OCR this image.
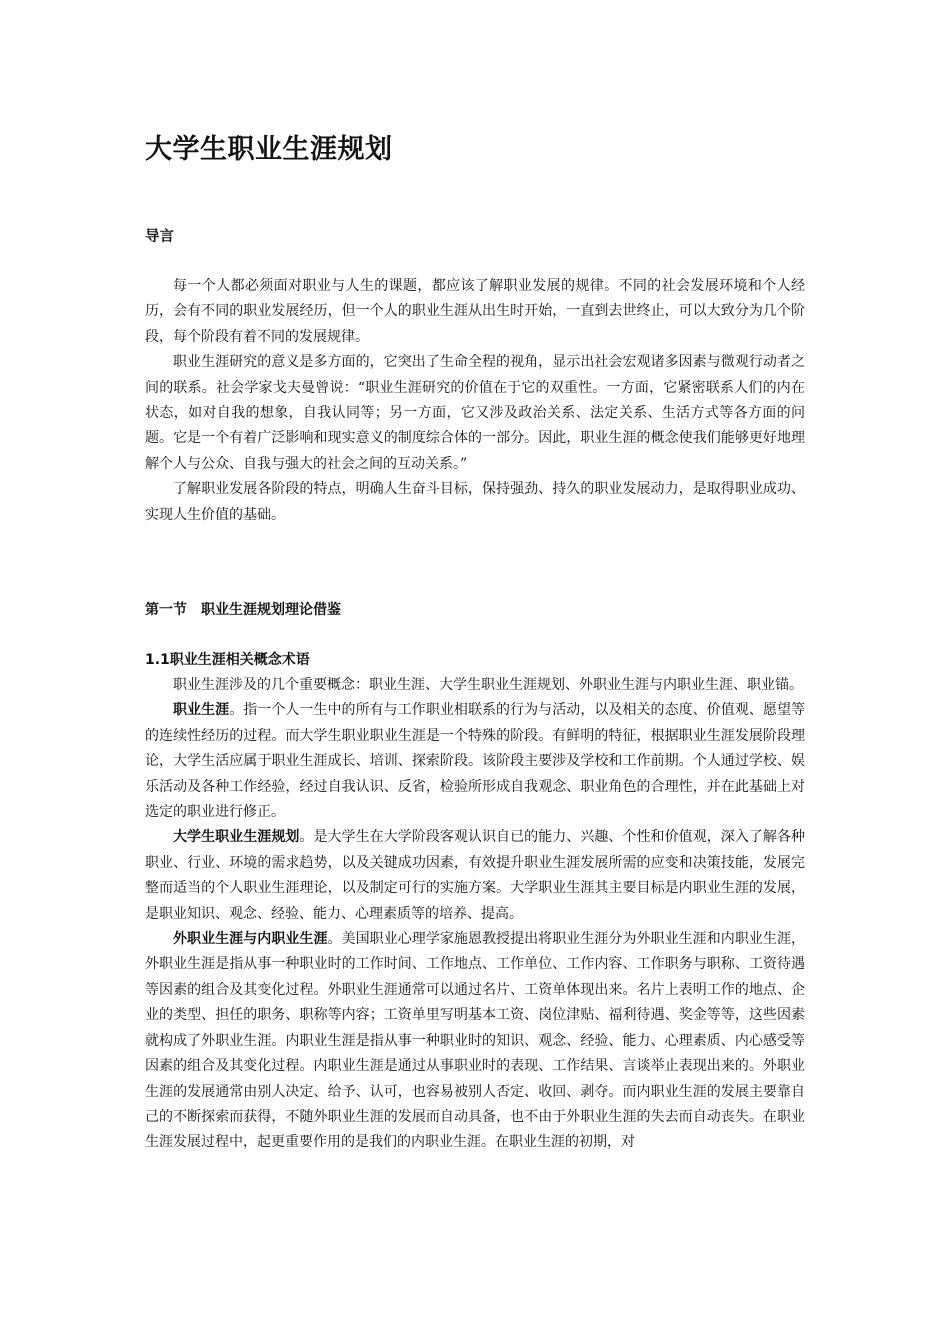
大学生职业生涯规划
导言

每一个人都必须面对职业与人生的课题，都应该了解职业发展的规律。不同的社会发展环境和个人经历，会有不同的职业发展经历，但一个人的职业生涯从出生时开始，一直到去世终止，可以大致分为几个阶段，每个阶段有着不同的发展规律。

职业生涯研究的意义是多方面的，它突出了生命全程的视角，显示出社会宏观诸多因素与微观行动者之间的联系。社会学家戈夫曼曾说：“职业生涯研究的价值在于它的双重性。一方面，它紧密联系人们的内在状态，如对自我的想象，自我认同等；另一方面，它又涉及政治关系、法定关系、生活方式等各方面的问题。它是一个有着广泛影响和现实意义的制度综合体的一部分。因此，职业生涯的概念使我们能够更好地理解个人与公众、自我与强大的社会之间的互动关系。”

了解职业发展各阶段的特点，明确人生奋斗目标，保持强劲、持久的职业发展动力，是取得职业成功、实现人生价值的基础。

第一节　职业生涯规划理论借鉴
1.1职业生涯相关概念术语

职业生涯涉及的几个重要概念：职业生涯、大学生职业生涯规划、外职业生涯与内职业生涯、职业锚。

职业生涯。指一个人一生中的所有与工作职业相联系的行为与活动，以及相关的态度、价值观、愿望等的连续性经历的过程。而大学生职业职业生涯是一个特殊的阶段。有鲜明的特征，根据职业生涯发展阶段理论，大学生活应属于职业生涯成长、培训、探索阶段。该阶段主要涉及学校和工作前期。个人通过学校、娱乐活动及各种工作经验，经过自我认识、反省，检验所形成自我观念、职业角色的合理性，并在此基础上对选定的职业进行修正。

大学生职业生涯规划。是大学生在大学阶段客观认识自已的能力、兴趣、个性和价值观，深入了解各种职业、行业、环境的需求趋势，以及关键成功因素，有效提升职业生涯发展所需的应变和决策技能，发展完整而适当的个人职业生涯理论，以及制定可行的实施方案。大学职业生涯其主要目标是内职业生涯的发展，是职业知识、观念、经验、能力、心理素质等的培养、提高。

外职业生涯与内职业生涯。美国职业心理学家施恩教授提出将职业生涯分为外职业生涯和内职业生涯，外职业生涯是指从事一种职业时的工作时间、工作地点、工作单位、工作内容、工作职务与职称、工资待遇等因素的组合及其变化过程。外职业生涯通常可以通过名片、工资单体现出来。名片上表明工作的地点、企业的类型、担任的职务、职称等内容；工资单里写明基本工资、岗位津贴、福利待遇、奖金等等，这些因素就构成了外职业生涯。内职业生涯是指从事一种职业时的知识、观念、经验、能力、心理素质、内心感受等因素的组合及其变化过程。内职业生涯是通过从事职业时的表现、工作结果、言谈举止表现出来的。外职业生涯的发展通常由别人决定、给予、认可，也容易被别人否定、收回、剥夺。而内职业生涯的发展主要靠自己的不断探索而获得，不随外职业生涯的发展而自动具备，也不由于外职业生涯的失去而自动丧失。在职业生涯发展过程中，起更重要作用的是我们的内职业生涯。在职业生涯的初期，对
